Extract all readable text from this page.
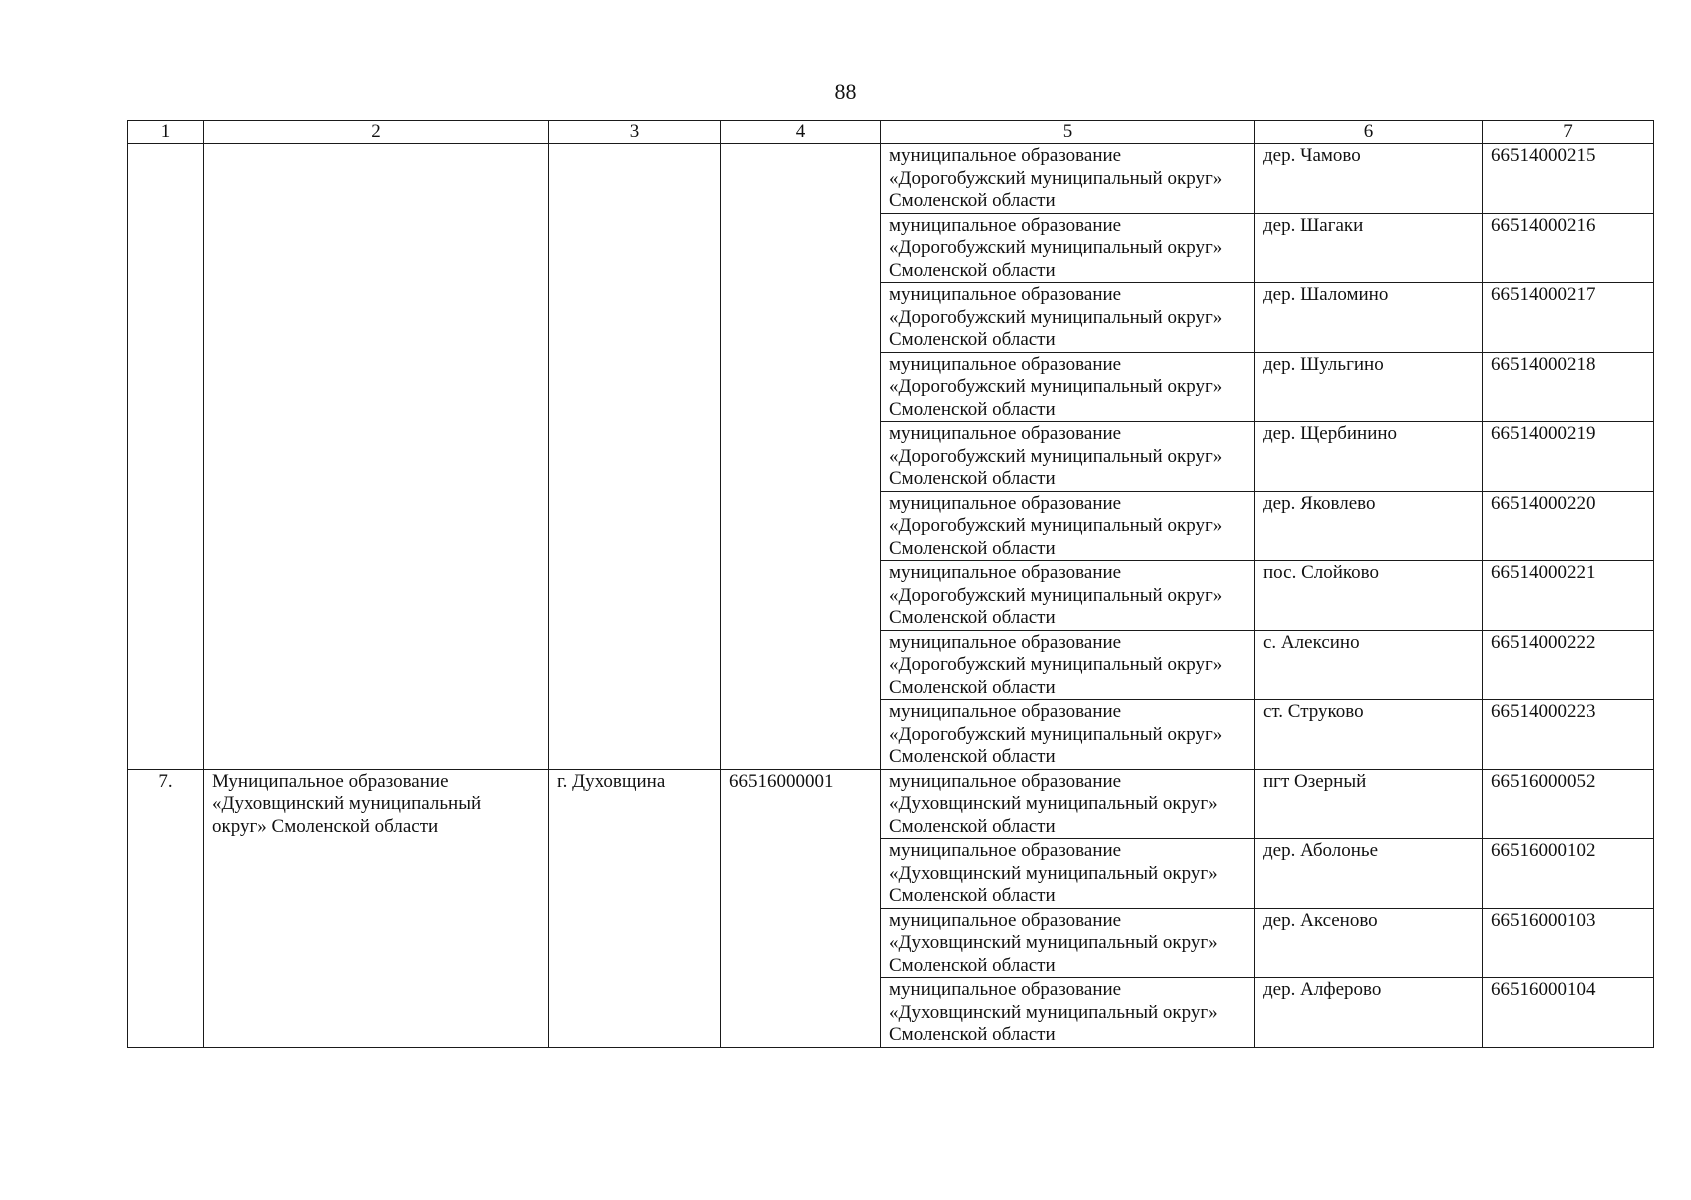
88
1	2	3	4	5	6	7
				муниципальное образование «Дорогобужский муниципальный округ» Смоленской области	дер. Чамово	66514000215
				муниципальное образование «Дорогобужский муниципальный округ» Смоленской области	дер. Шагаки	66514000216
				муниципальное образование «Дорогобужский муниципальный округ» Смоленской области	дер. Шаломино	66514000217
				муниципальное образование «Дорогобужский муниципальный округ» Смоленской области	дер. Шульгино	66514000218
				муниципальное образование «Дорогобужский муниципальный округ» Смоленской области	дер. Щербинино	66514000219
				муниципальное образование «Дорогобужский муниципальный округ» Смоленской области	дер. Яковлево	66514000220
				муниципальное образование «Дорогобужский муниципальный округ» Смоленской области	пос. Слойково	66514000221
				муниципальное образование «Дорогобужский муниципальный округ» Смоленской области	с. Алексино	66514000222
				муниципальное образование «Дорогобужский муниципальный округ» Смоленской области	ст. Струково	66514000223
7.	Муниципальное образование «Духовщинский муниципальный округ» Смоленской области	г. Духовщина	66516000001	муниципальное образование «Духовщинский муниципальный округ» Смоленской области	пгт Озерный	66516000052
				муниципальное образование «Духовщинский муниципальный округ» Смоленской области	дер. Аболонье	66516000102
				муниципальное образование «Духовщинский муниципальный округ» Смоленской области	дер. Аксеново	66516000103
				муниципальное образование «Духовщинский муниципальный округ» Смоленской области	дер. Алферово	66516000104
